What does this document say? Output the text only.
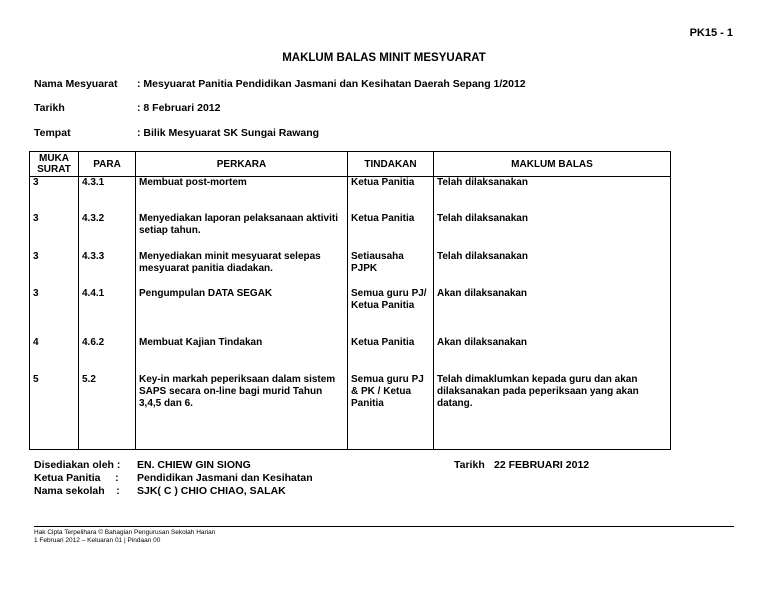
PK15 - 1
MAKLUM BALAS MINIT MESYUARAT
Nama Mesyuarat : Mesyuarat Panitia Pendidikan Jasmani dan Kesihatan Daerah Sepang 1/2012
Tarikh	: 8 Februari 2012
Tempat	: Bilik Mesyuarat SK Sungai Rawang
MUKA SURAT	PARA	PERKARA	TINDAKAN	MAKLUM BALAS
3	4.3.1	Membuat post-mortem	Ketua Panitia	Telah dilaksanakan
3	4.3.2	Menyediakan laporan pelaksanaan aktiviti setiap tahun.	Ketua Panitia	Telah dilaksanakan
3	4.3.3	Menyediakan minit mesyuarat selepas mesyuarat panitia diadakan.	Setiausaha PJPK	Telah dilaksanakan
3	4.4.1	Pengumpulan DATA SEGAK	Semua guru PJ/ Ketua Panitia	Akan dilaksanakan
4	4.6.2	Membuat Kajian Tindakan	Ketua Panitia	Akan dilaksanakan
5	5.2	Key-in markah peperiksaan dalam sistem SAPS secara on-line bagi murid Tahun 3,4,5 dan 6.	Semua guru PJ & PK / Ketua Panitia	Telah dimaklumkan kepada guru dan akan dilaksanakan pada peperiksaan yang akan datang.
Disediakan oleh : EN. CHIEW GIN SIONG
Ketua Panitia     : Pendidikan Jasmani dan Kesihatan
Nama sekolah    : SJK( C ) CHIO CHIAO, SALAK
Tarikh 22 FEBRUARI 2012
Hak Cipta Terpelihara © Bahagian Pengurusan Sekolah Harian
1 Februari 2012 – Keluaran 01 | Pindaan 00
